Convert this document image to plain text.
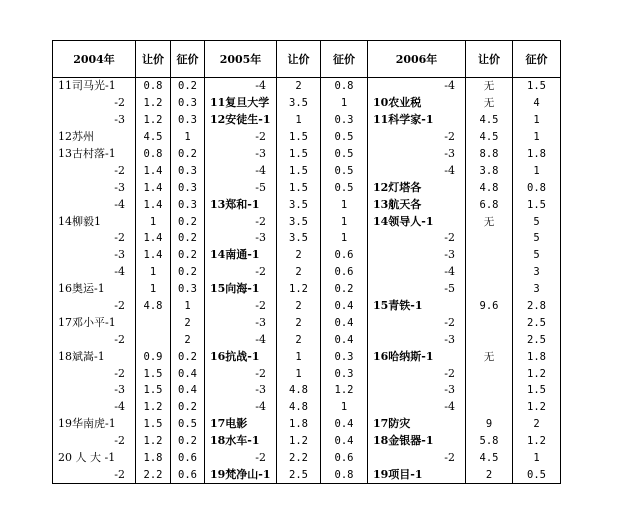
2004年	让价	征价	2005年	让价	征价	2006年	让价	征价
11司马光-1	0.8	0.2	-4	2	0.8	-4	无	1.5
-2	1.2	0.3	11复旦大学	3.5	1	10农业税	无	4
-3	1.2	0.3	12安徒生-1	1	0.3	11科学家-1	4.5	1
12苏州	4.5	1	-2	1.5	0.5	-2	4.5	1
13古村落-1	0.8	0.2	-3	1.5	0.5	-3	8.8	1.8
-2	1.4	0.3	-4	1.5	0.5	-4	3.8	1
-3	1.4	0.3	-5	1.5	0.5	12灯塔各	4.8	0.8
-4	1.4	0.3	13郑和-1	3.5	1	13航天各	6.8	1.5
14柳毅1	1	0.2	-2	3.5	1	14领导人-1	无	5
-2	1.4	0.2	-3	3.5	1	-2		5
-3	1.4	0.2	14南通-1	2	0.6	-3		5
-4	1	0.2	-2	2	0.6	-4		3
16奥运-1	1	0.3	15向海-1	1.2	0.2	-5		3
-2	4.8	1	-2	2	0.4	15青铁-1	9.6	2.8
17邓小平-1		2	-3	2	0.4	-2		2.5
-2		2	-4	2	0.4	-3		2.5
18斌嵩-1	0.9	0.2	16抗战-1	1	0.3	16哈纳斯-1	无	1.8
-2	1.5	0.4	-2	1	0.3	-2		1.2
-3	1.5	0.4	-3	4.8	1.2	-3		1.5
-4	1.2	0.2	-4	4.8	1	-4		1.2
19华南虎-1	1.5	0.5	17电影	1.8	0.4	17防灾	9	2
-2	1.2	0.2	18水车-1	1.2	0.4	18金银器-1	5.8	1.2
20 人 大 -1	1.8	0.6	-2	2.2	0.6	-2	4.5	1
-2	2.2	0.6	19梵净山-1	2.5	0.8	19项目-1	2	0.5
